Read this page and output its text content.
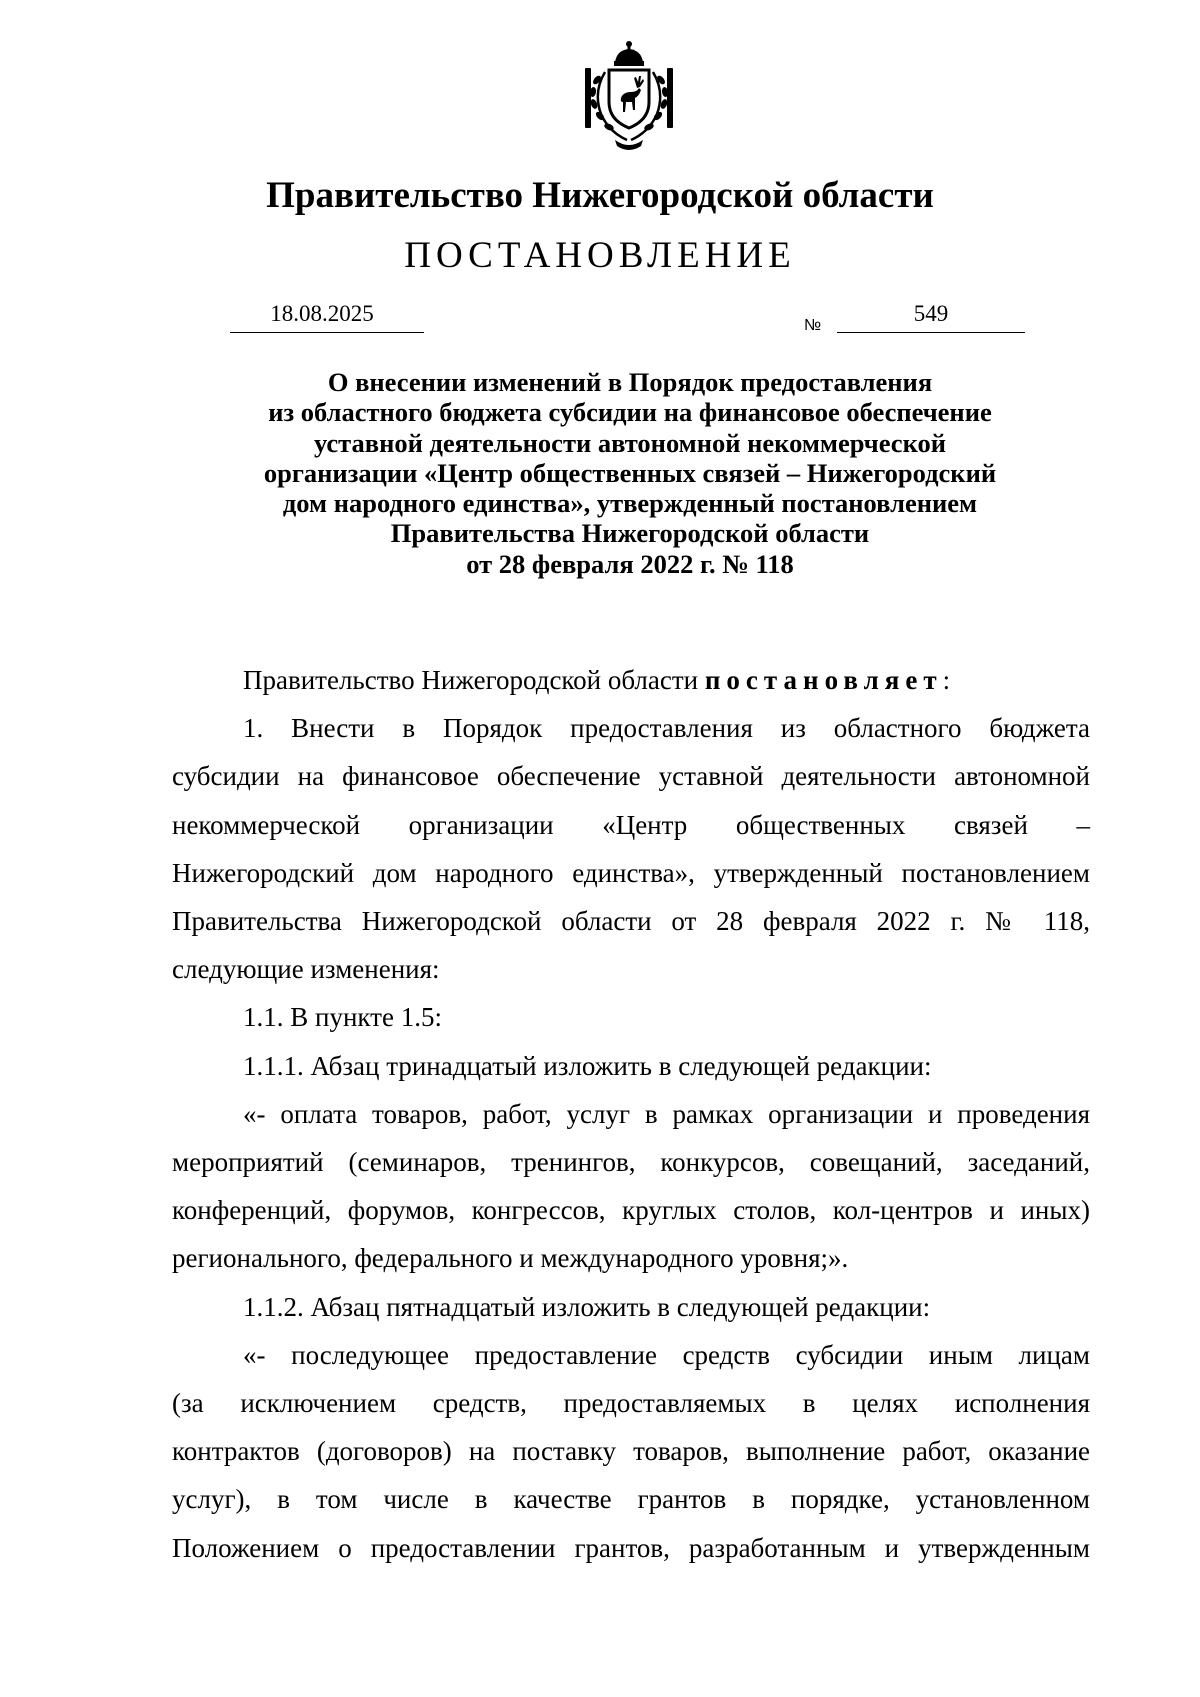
Правительство Нижегородской области
ПОСТАНОВЛЕНИЕ
18.08.2025	№	549
О внесении изменений в Порядок предоставления
из областного бюджета субсидии на финансовое обеспечение
уставной деятельности автономной некоммерческой
организации «Центр общественных связей – Нижегородский
дом народного единства», утвержденный постановлением
Правительства Нижегородской области
от 28 февраля 2022 г. № 118
Правительство Нижегородской области постановляет:
1. Внести в Порядок предоставления из областного бюджета
субсидии на финансовое обеспечение уставной деятельности автономной
некоммерческой организации «Центр общественных связей –
Нижегородский дом народного единства», утвержденный постановлением
Правительства Нижегородской области от 28 февраля 2022 г. № 118,
следующие изменения:
1.1. В пункте 1.5:
1.1.1. Абзац тринадцатый изложить в следующей редакции:
«- оплата товаров, работ, услуг в рамках организации и проведения
мероприятий (семинаров, тренингов, конкурсов, совещаний, заседаний,
конференций, форумов, конгрессов, круглых столов, кол-центров и иных)
регионального, федерального и международного уровня;».
1.1.2. Абзац пятнадцатый изложить в следующей редакции:
«- последующее предоставление средств субсидии иным лицам
(за исключением средств, предоставляемых в целях исполнения
контрактов (договоров) на поставку товаров, выполнение работ, оказание
услуг), в том числе в качестве грантов в порядке, установленном
Положением о предоставлении грантов, разработанным и утвержденным
